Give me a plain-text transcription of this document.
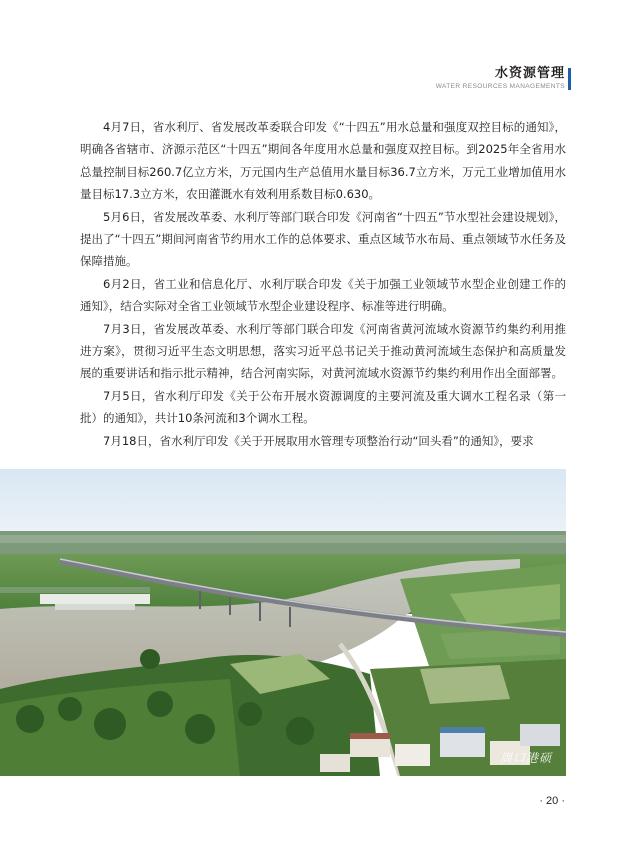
水资源管理
WATER RESOURCES MANAGEMENTS

4月7日，省水利厅、省发展改革委联合印发《“十四五”用水总量和强度双控目标的通知》，明确各省辖市、济源示范区“十四五”期间各年度用水总量和强度双控目标。到2025年全省用水总量控制目标260.7亿立方米，万元国内生产总值用水量目标36.7立方米，万元工业增加值用水量目标17.3立方米，农田灌溉水有效利用系数目标0.630。

5月6日，省发展改革委、水利厅等部门联合印发《河南省“十四五”节水型社会建设规划》，提出了“十四五”期间河南省节约用水工作的总体要求、重点区域节水布局、重点领域节水任务及保障措施。

6月2日，省工业和信息化厅、水利厅联合印发《关于加强工业领域节水型企业创建工作的通知》，结合实际对全省工业领域节水型企业建设程序、标准等进行明确。

7月3日，省发展改革委、水利厅等部门联合印发《河南省黄河流域水资源节约集约利用推进方案》，贯彻习近平生态文明思想，落实习近平总书记关于推动黄河流域生态保护和高质量发展的重要讲话和指示批示精神，结合河南实际，对黄河流域水资源节约集约利用作出全面部署。

7月5日，省水利厅印发《关于公布开展水资源调度的主要河流及重大调水工程名录（第一批）的通知》，共计10条河流和3个调水工程。

7月18日，省水利厅印发《关于开展取用水管理专项整治行动“回头看”的通知》，要求

周口港硕
· 20 ·
